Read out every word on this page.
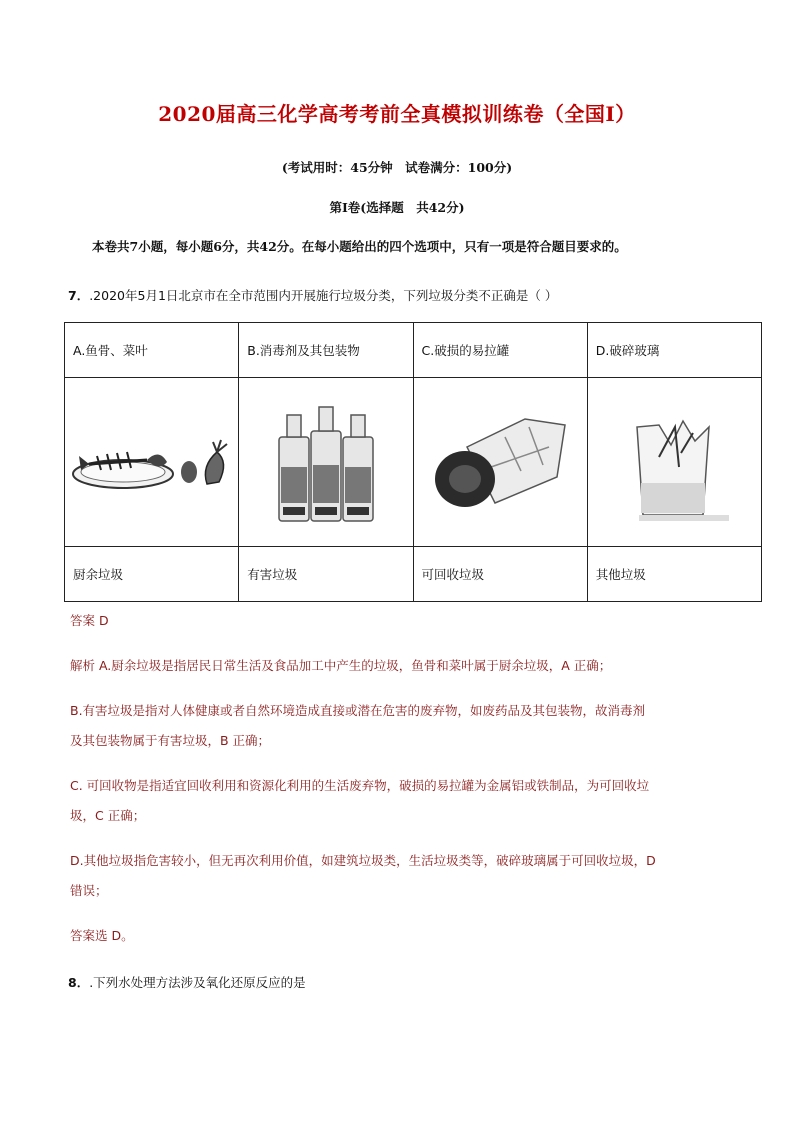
2020届高三化学高考考前全真模拟训练卷（全国I）
(考试用时：45分钟　试卷满分：100分)
第Ⅰ卷(选择题　共42分)
本卷共7小题，每小题6分，共42分。在每小题给出的四个选项中，只有一项是符合题目要求的。
7．.2020年5月1日北京市在全市范围内开展施行垃圾分类，下列垃圾分类不正确是（ ）
A.鱼骨、菜叶	B.消毒剂及其包装物	C.破损的易拉罐	D.破碎玻璃

厨余垃圾	有害垃圾	可回收垃圾	其他垃圾
答案 D
解析 A.厨余垃圾是指居民日常生活及食品加工中产生的垃圾，鱼骨和菜叶属于厨余垃圾，A 正确；
B.有害垃圾是指对人体健康或者自然环境造成直接或潜在危害的废弃物，如废药品及其包装物，故消毒剂
及其包装物属于有害垃圾，B 正确；
C. 可回收物是指适宜回收利用和资源化利用的生活废弃物，破损的易拉罐为金属铝或铁制品，为可回收垃
圾，C 正确；
D.其他垃圾指危害较小，但无再次利用价值，如建筑垃圾类，生活垃圾类等，破碎玻璃属于可回收垃圾，D
错误；
答案选 D。
8．.下列水处理方法涉及氧化还原反应的是
